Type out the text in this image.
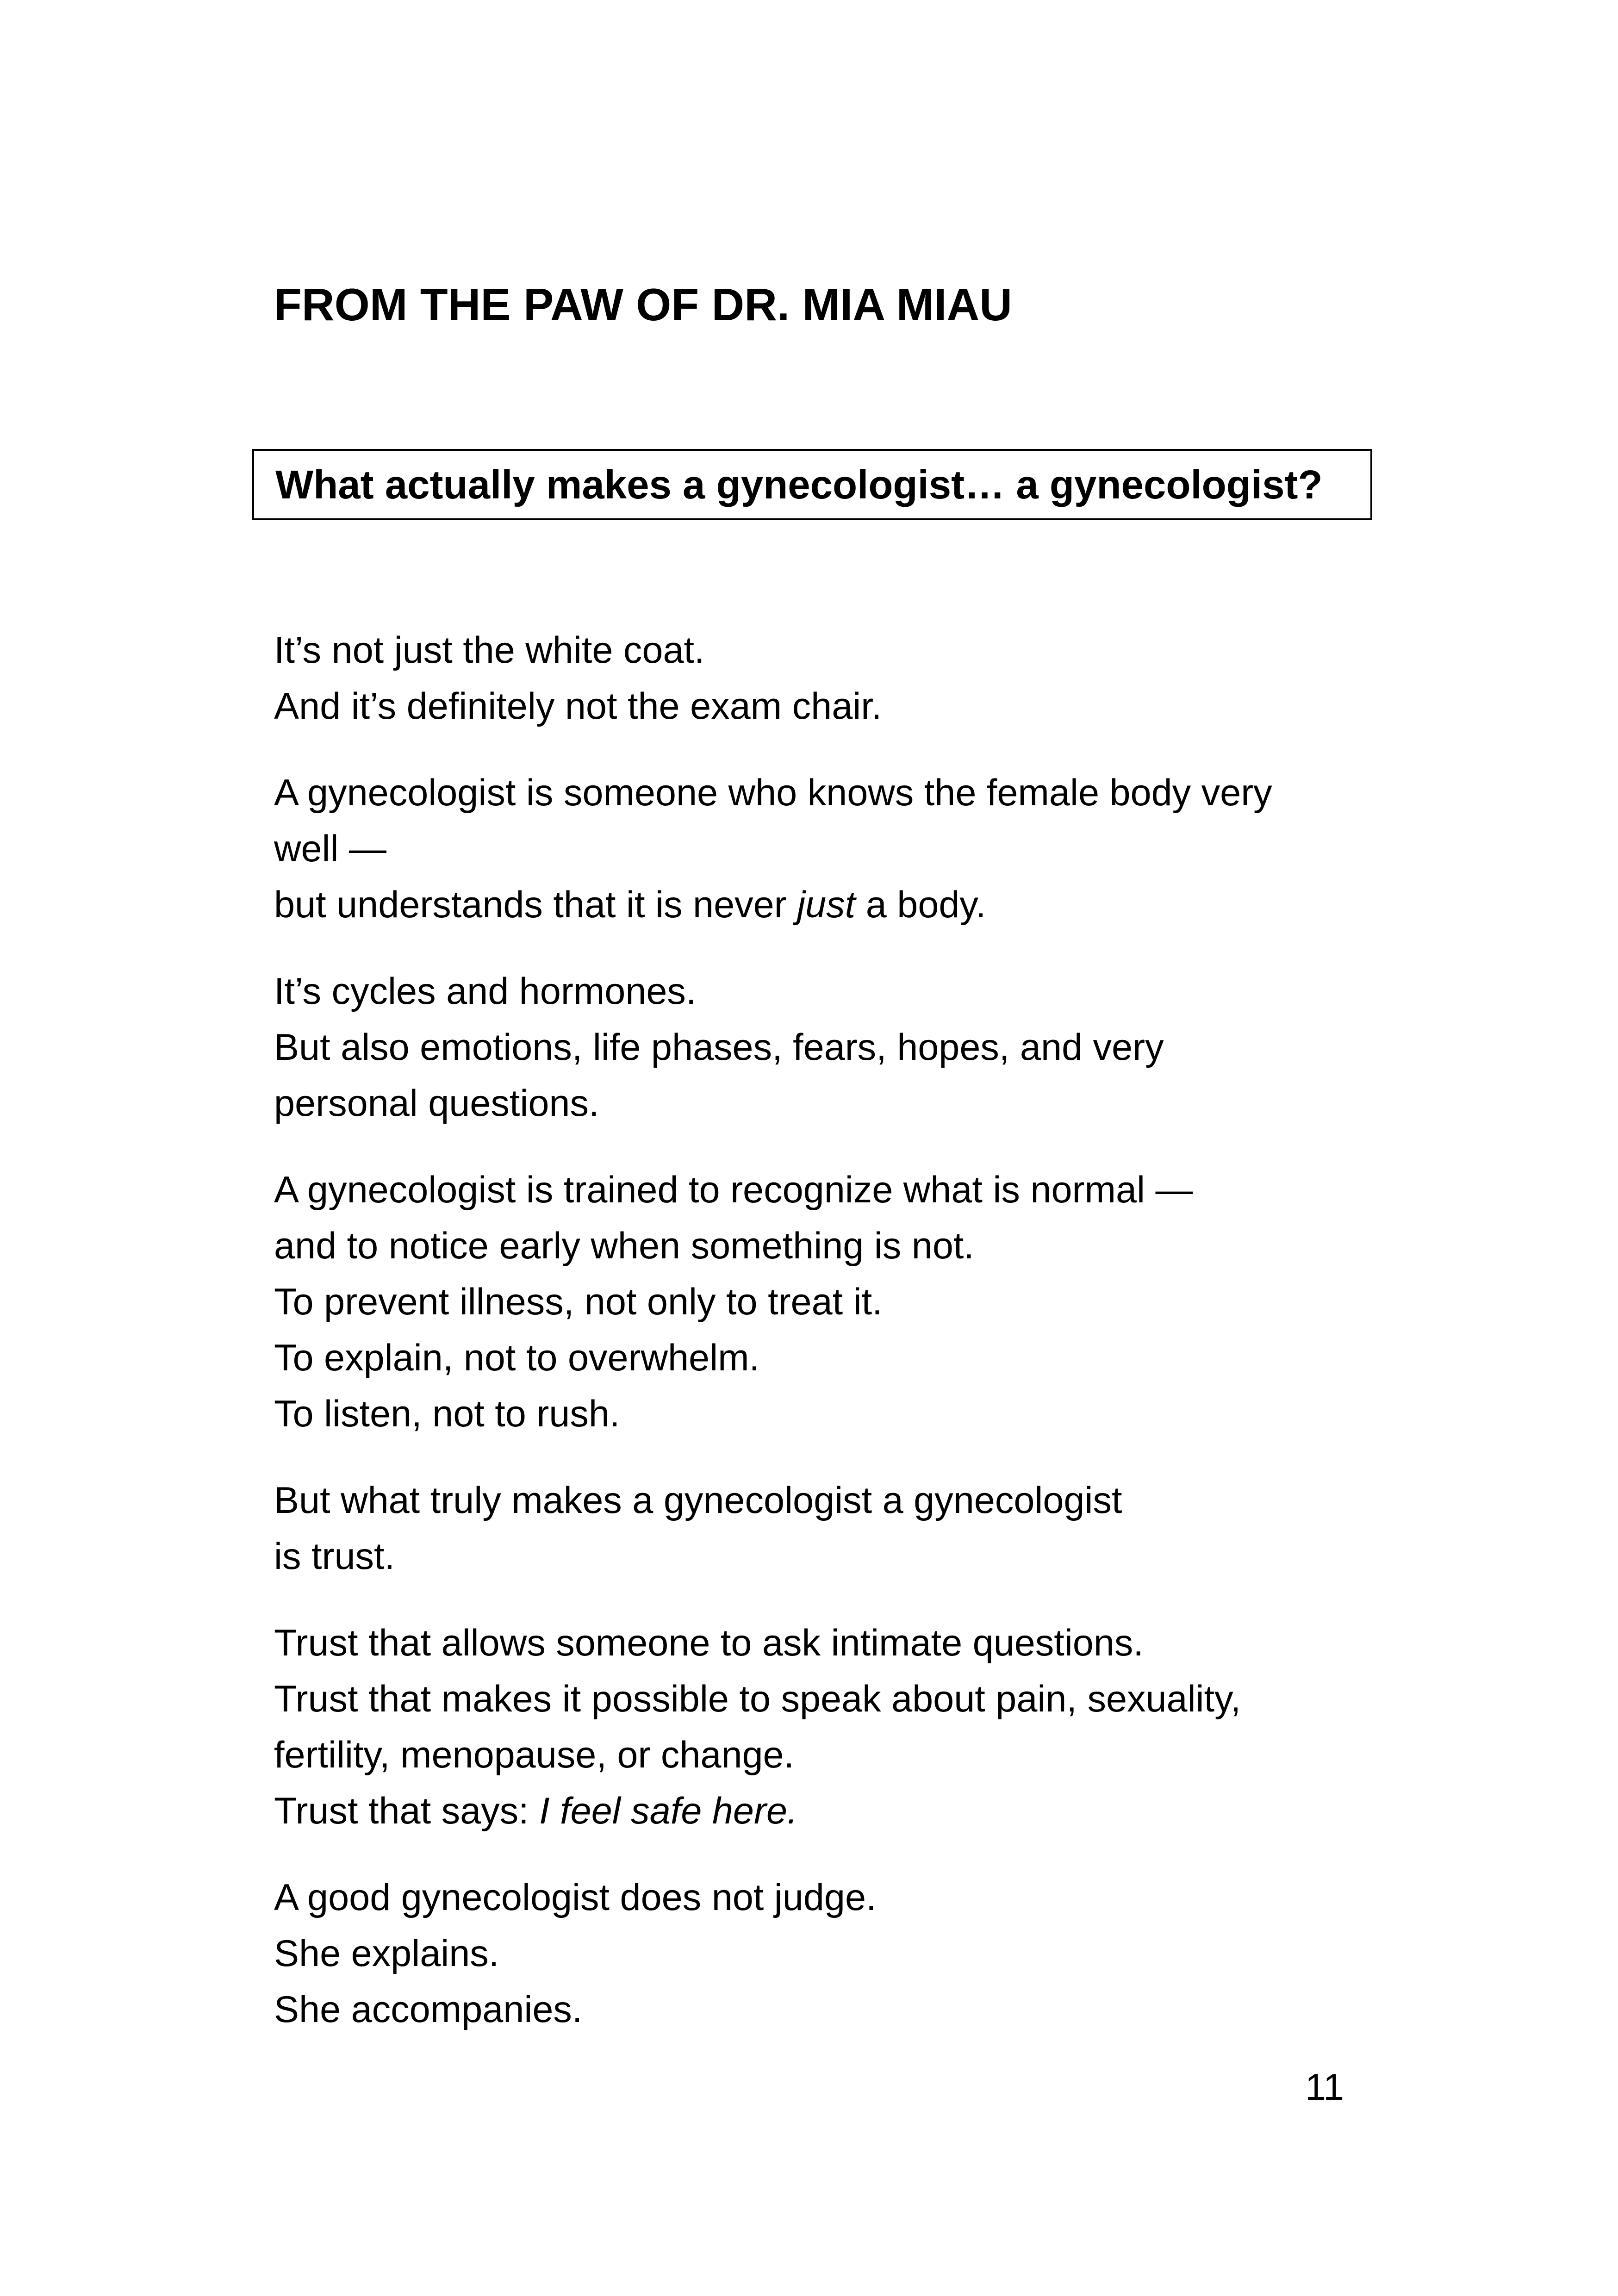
FROM THE PAW OF DR. MIA MIAU
What actually makes a gynecologist… a gynecologist?

It’s not just the white coat.
And it’s definitely not the exam chair.

A gynecologist is someone who knows the female body very
well —
but understands that it is never just a body.

It’s cycles and hormones.
But also emotions, life phases, fears, hopes, and very
personal questions.

A gynecologist is trained to recognize what is normal —
and to notice early when something is not.
To prevent illness, not only to treat it.
To explain, not to overwhelm.
To listen, not to rush.

But what truly makes a gynecologist a gynecologist
is trust.

Trust that allows someone to ask intimate questions.
Trust that makes it possible to speak about pain, sexuality,
fertility, menopause, or change.
Trust that says: I feel safe here.

A good gynecologist does not judge.
She explains.
She accompanies.

11
